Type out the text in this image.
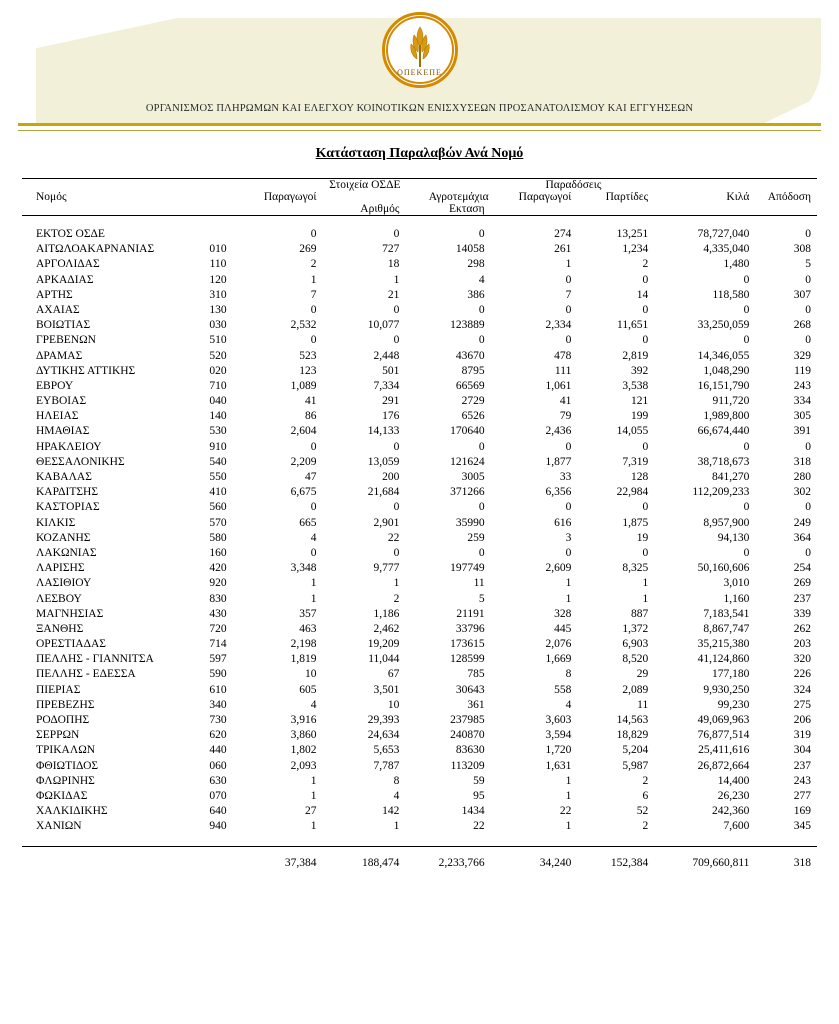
ΟΠΕΚΕΠΕ
ΟΡΓΑΝΙΣΜΟΣ ΠΛΗΡΩΜΩΝ ΚΑΙ ΕΛΕΓΧΟΥ ΚΟΙΝΟΤΙΚΩΝ ΕΝΙΣΧΥΣΕΩΝ ΠΡΟΣΑΝΑΤΟΛΙΣΜΟΥ ΚΑΙ ΕΓΓΥΗΣΕΩΝ
Κατάσταση Παραλαβών Ανά Νομό
		Στοιχεία ΟΣΔΕ			Παραδόσεις			
Νομός		Παραγωγοί	Αγροτεμάχια		Παραγωγοί	Παρτίδες	Κιλά	Απόδοση
			Αριθμός	Εκταση				
ΕΚΤΟΣ ΟΣΔΕ		0	0	0	274	13,251	78,727,040	0
ΑΙΤΩΛΟΑΚΑΡΝΑΝΙΑΣ	010	269	727	14058	261	1,234	4,335,040	308
ΑΡΓΟΛΙΔΑΣ	110	2	18	298	1	2	1,480	5
ΑΡΚΑΔΙΑΣ	120	1	1	4	0	0	0	0
ΑΡΤΗΣ	310	7	21	386	7	14	118,580	307
ΑΧΑΙΑΣ	130	0	0	0	0	0	0	0
ΒΟΙΩΤΙΑΣ	030	2,532	10,077	123889	2,334	11,651	33,250,059	268
ΓΡΕΒΕΝΩΝ	510	0	0	0	0	0	0	0
ΔΡΑΜΑΣ	520	523	2,448	43670	478	2,819	14,346,055	329
ΔΥΤΙΚΗΣ ΑΤΤΙΚΗΣ	020	123	501	8795	111	392	1,048,290	119
ΕΒΡΟΥ	710	1,089	7,334	66569	1,061	3,538	16,151,790	243
ΕΥΒΟΙΑΣ	040	41	291	2729	41	121	911,720	334
ΗΛΕΙΑΣ	140	86	176	6526	79	199	1,989,800	305
ΗΜΑΘΙΑΣ	530	2,604	14,133	170640	2,436	14,055	66,674,440	391
ΗΡΑΚΛΕΙΟΥ	910	0	0	0	0	0	0	0
ΘΕΣΣΑΛΟΝΙΚΗΣ	540	2,209	13,059	121624	1,877	7,319	38,718,673	318
ΚΑΒΑΛΑΣ	550	47	200	3005	33	128	841,270	280
ΚΑΡΔΙΤΣΗΣ	410	6,675	21,684	371266	6,356	22,984	112,209,233	302
ΚΑΣΤΟΡΙΑΣ	560	0	0	0	0	0	0	0
ΚΙΛΚΙΣ	570	665	2,901	35990	616	1,875	8,957,900	249
ΚΟΖΑΝΗΣ	580	4	22	259	3	19	94,130	364
ΛΑΚΩΝΙΑΣ	160	0	0	0	0	0	0	0
ΛΑΡΙΣΗΣ	420	3,348	9,777	197749	2,609	8,325	50,160,606	254
ΛΑΣΙΘΙΟΥ	920	1	1	11	1	1	3,010	269
ΛΕΣΒΟΥ	830	1	2	5	1	1	1,160	237
ΜΑΓΝΗΣΙΑΣ	430	357	1,186	21191	328	887	7,183,541	339
ΞΑΝΘΗΣ	720	463	2,462	33796	445	1,372	8,867,747	262
ΟΡΕΣΤΙΑΔΑΣ	714	2,198	19,209	173615	2,076	6,903	35,215,380	203
ΠΕΛΛΗΣ - ΓΙΑΝΝΙΤΣΑ	597	1,819	11,044	128599	1,669	8,520	41,124,860	320
ΠΕΛΛΗΣ - ΕΔΕΣΣΑ	590	10	67	785	8	29	177,180	226
ΠΙΕΡΙΑΣ	610	605	3,501	30643	558	2,089	9,930,250	324
ΠΡΕΒΕΖΗΣ	340	4	10	361	4	11	99,230	275
ΡΟΔΟΠΗΣ	730	3,916	29,393	237985	3,603	14,563	49,069,963	206
ΣΕΡΡΩΝ	620	3,860	24,634	240870	3,594	18,829	76,877,514	319
ΤΡΙΚΑΛΩΝ	440	1,802	5,653	83630	1,720	5,204	25,411,616	304
ΦΘΙΩΤΙΔΟΣ	060	2,093	7,787	113209	1,631	5,987	26,872,664	237
ΦΛΩΡΙΝΗΣ	630	1	8	59	1	2	14,400	243
ΦΩΚΙΔΑΣ	070	1	4	95	1	6	26,230	277
ΧΑΛΚΙΔΙΚΗΣ	640	27	142	1434	22	52	242,360	169
ΧΑΝΙΩΝ	940	1	1	22	1	2	7,600	345

		37,384	188,474	2,233,766	34,240	152,384	709,660,811	318
